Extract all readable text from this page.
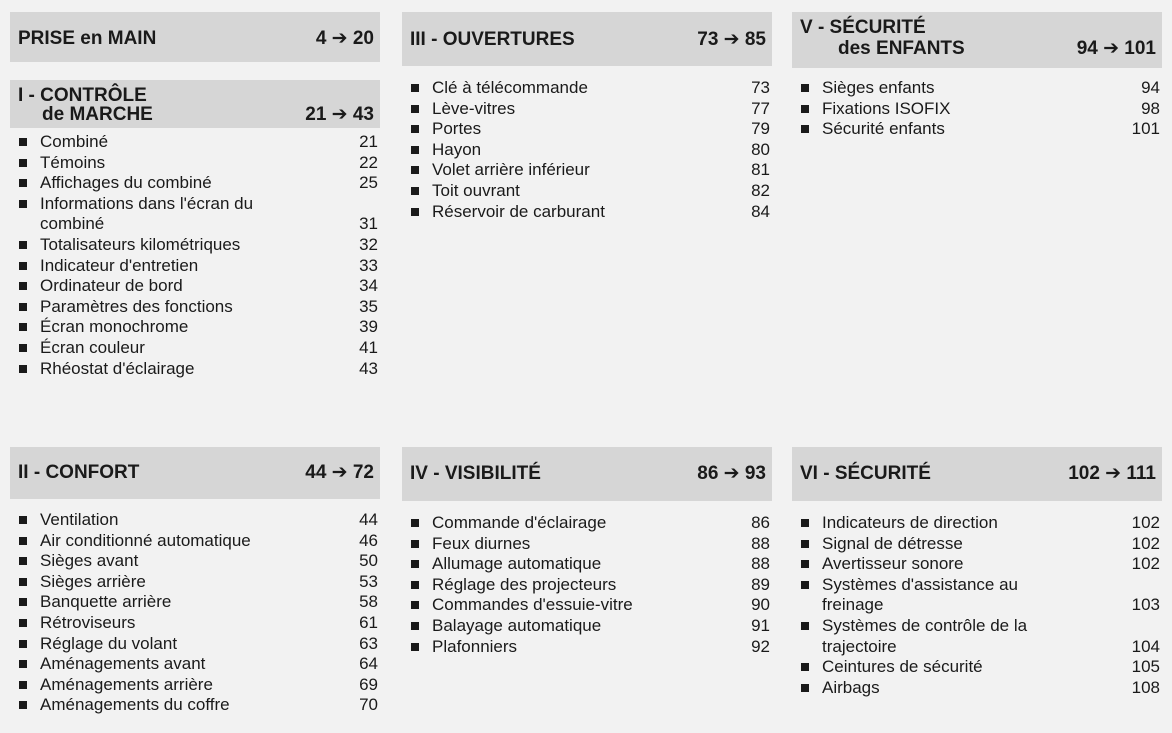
PRISE en MAIN	4 ➔ 20
I - CONTRÔLE
de MARCHE	21 ➔ 43
Combiné	21
Témoins	22
Affichages du combiné	25
Informations dans l'écran du combiné	31
Totalisateurs kilométriques	32
Indicateur d'entretien	33
Ordinateur de bord	34
Paramètres des fonctions	35
Écran monochrome	39
Écran couleur	41
Rhéostat d'éclairage	43
II - CONFORT	44 ➔ 72
Ventilation	44
Air conditionné automatique	46
Sièges avant	50
Sièges arrière	53
Banquette arrière	58
Rétroviseurs	61
Réglage du volant	63
Aménagements avant	64
Aménagements arrière	69
Aménagements du coffre	70
III - OUVERTURES	73 ➔ 85
Clé à télécommande	73
Lève-vitres	77
Portes	79
Hayon	80
Volet arrière inférieur	81
Toit ouvrant	82
Réservoir de carburant	84
IV - VISIBILITÉ	86 ➔ 93
Commande d'éclairage	86
Feux diurnes	88
Allumage automatique	88
Réglage des projecteurs	89
Commandes d'essuie-vitre	90
Balayage automatique	91
Plafonniers	92
V - SÉCURITÉ
des ENFANTS	94 ➔ 101
Sièges enfants	94
Fixations ISOFIX	98
Sécurité enfants	101
VI - SÉCURITÉ	102 ➔ 111
Indicateurs de direction	102
Signal de détresse	102
Avertisseur sonore	102
Systèmes d'assistance au freinage	103
Systèmes de contrôle de la trajectoire	104
Ceintures de sécurité	105
Airbags	108
